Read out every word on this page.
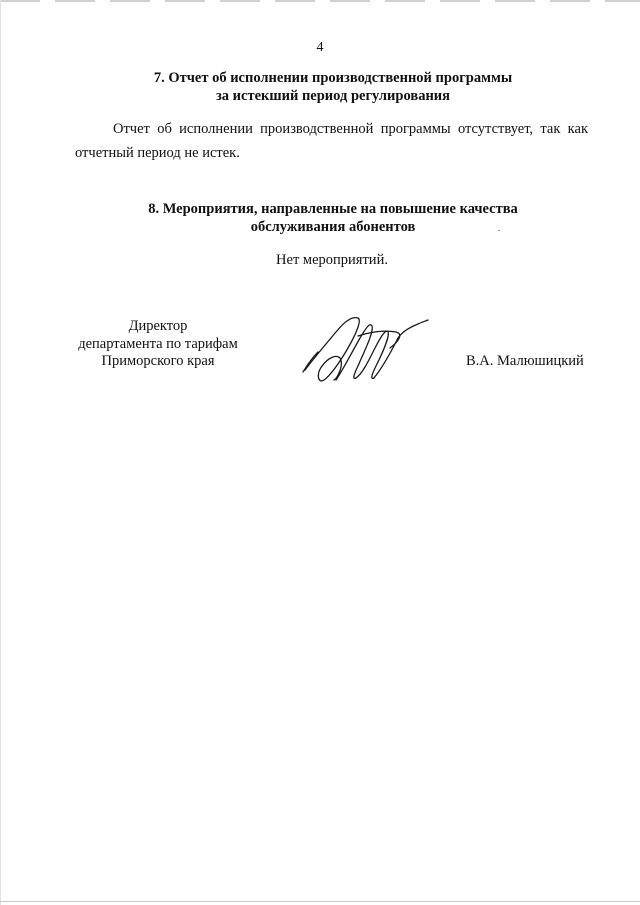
4
7. Отчет об исполнении производственной программы
за истекший период регулирования
Отчет об исполнении производственной программы отсутствует, так как
отчетный период не истек.
8. Мероприятия, направленные на повышение качества
обслуживания абонентов
Нет мероприятий.
Директор
департамента по тарифам
Приморского края	В.А. Малюшицкий
